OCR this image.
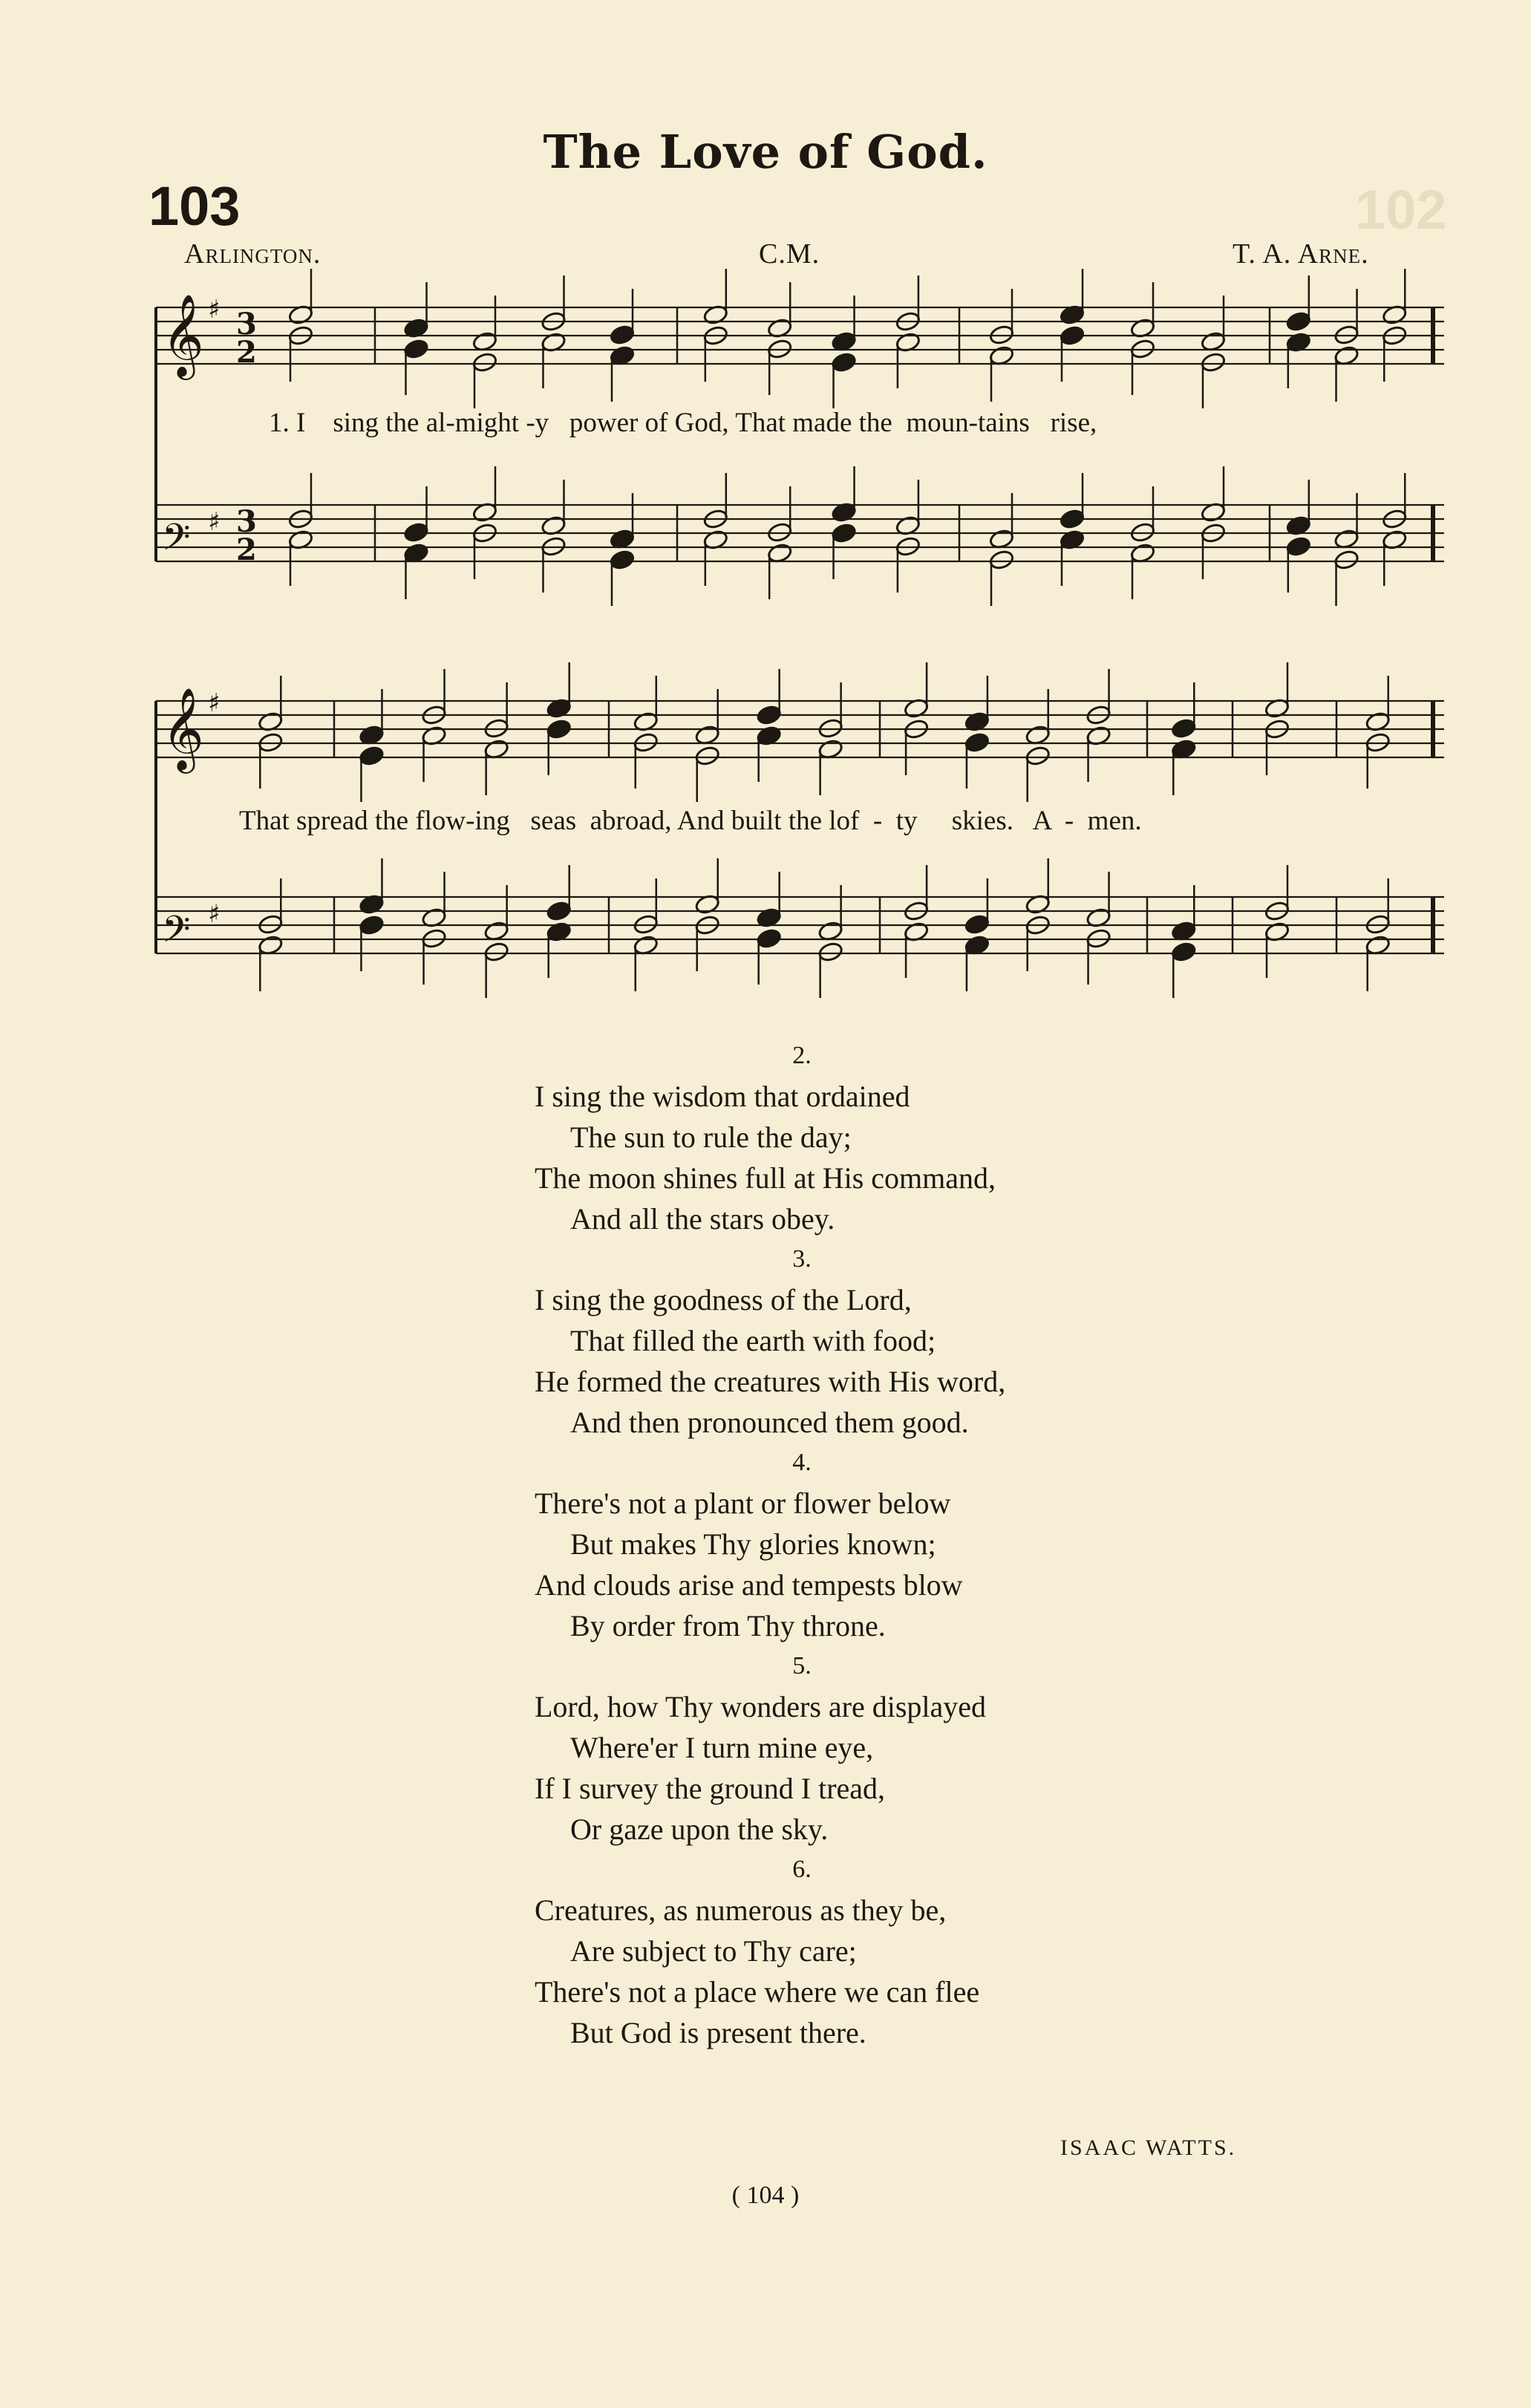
The Love of God.
103	102
Arlington.	C.M.	T. A. Arne.
𝄞 ♯ 3
2
𝄢 ♯ 3
2
𝄞 ♯
𝄢 ♯
1. I    sing the al-might -y   power of God, That made the  moun-tains   rise,
That spread the flow-ing   seas  abroad, And built the lof  -  ty     skies.   A  -  men.
2.
I sing the wisdom that ordained
The sun to rule the day;
The moon shines full at His command,
And all the stars obey.
3.
I sing the goodness of the Lord,
That filled the earth with food;
He formed the creatures with His word,
And then pronounced them good.
4.
There's not a plant or flower below
But makes Thy glories known;
And clouds arise and tempests blow
By order from Thy throne.
5.
Lord, how Thy wonders are displayed
Where'er I turn mine eye,
If I survey the ground I tread,
Or gaze upon the sky.
6.
Creatures, as numerous as they be,
Are subject to Thy care;
There's not a place where we can flee
But God is present there.
ISAAC WATTS.
( 104 )
